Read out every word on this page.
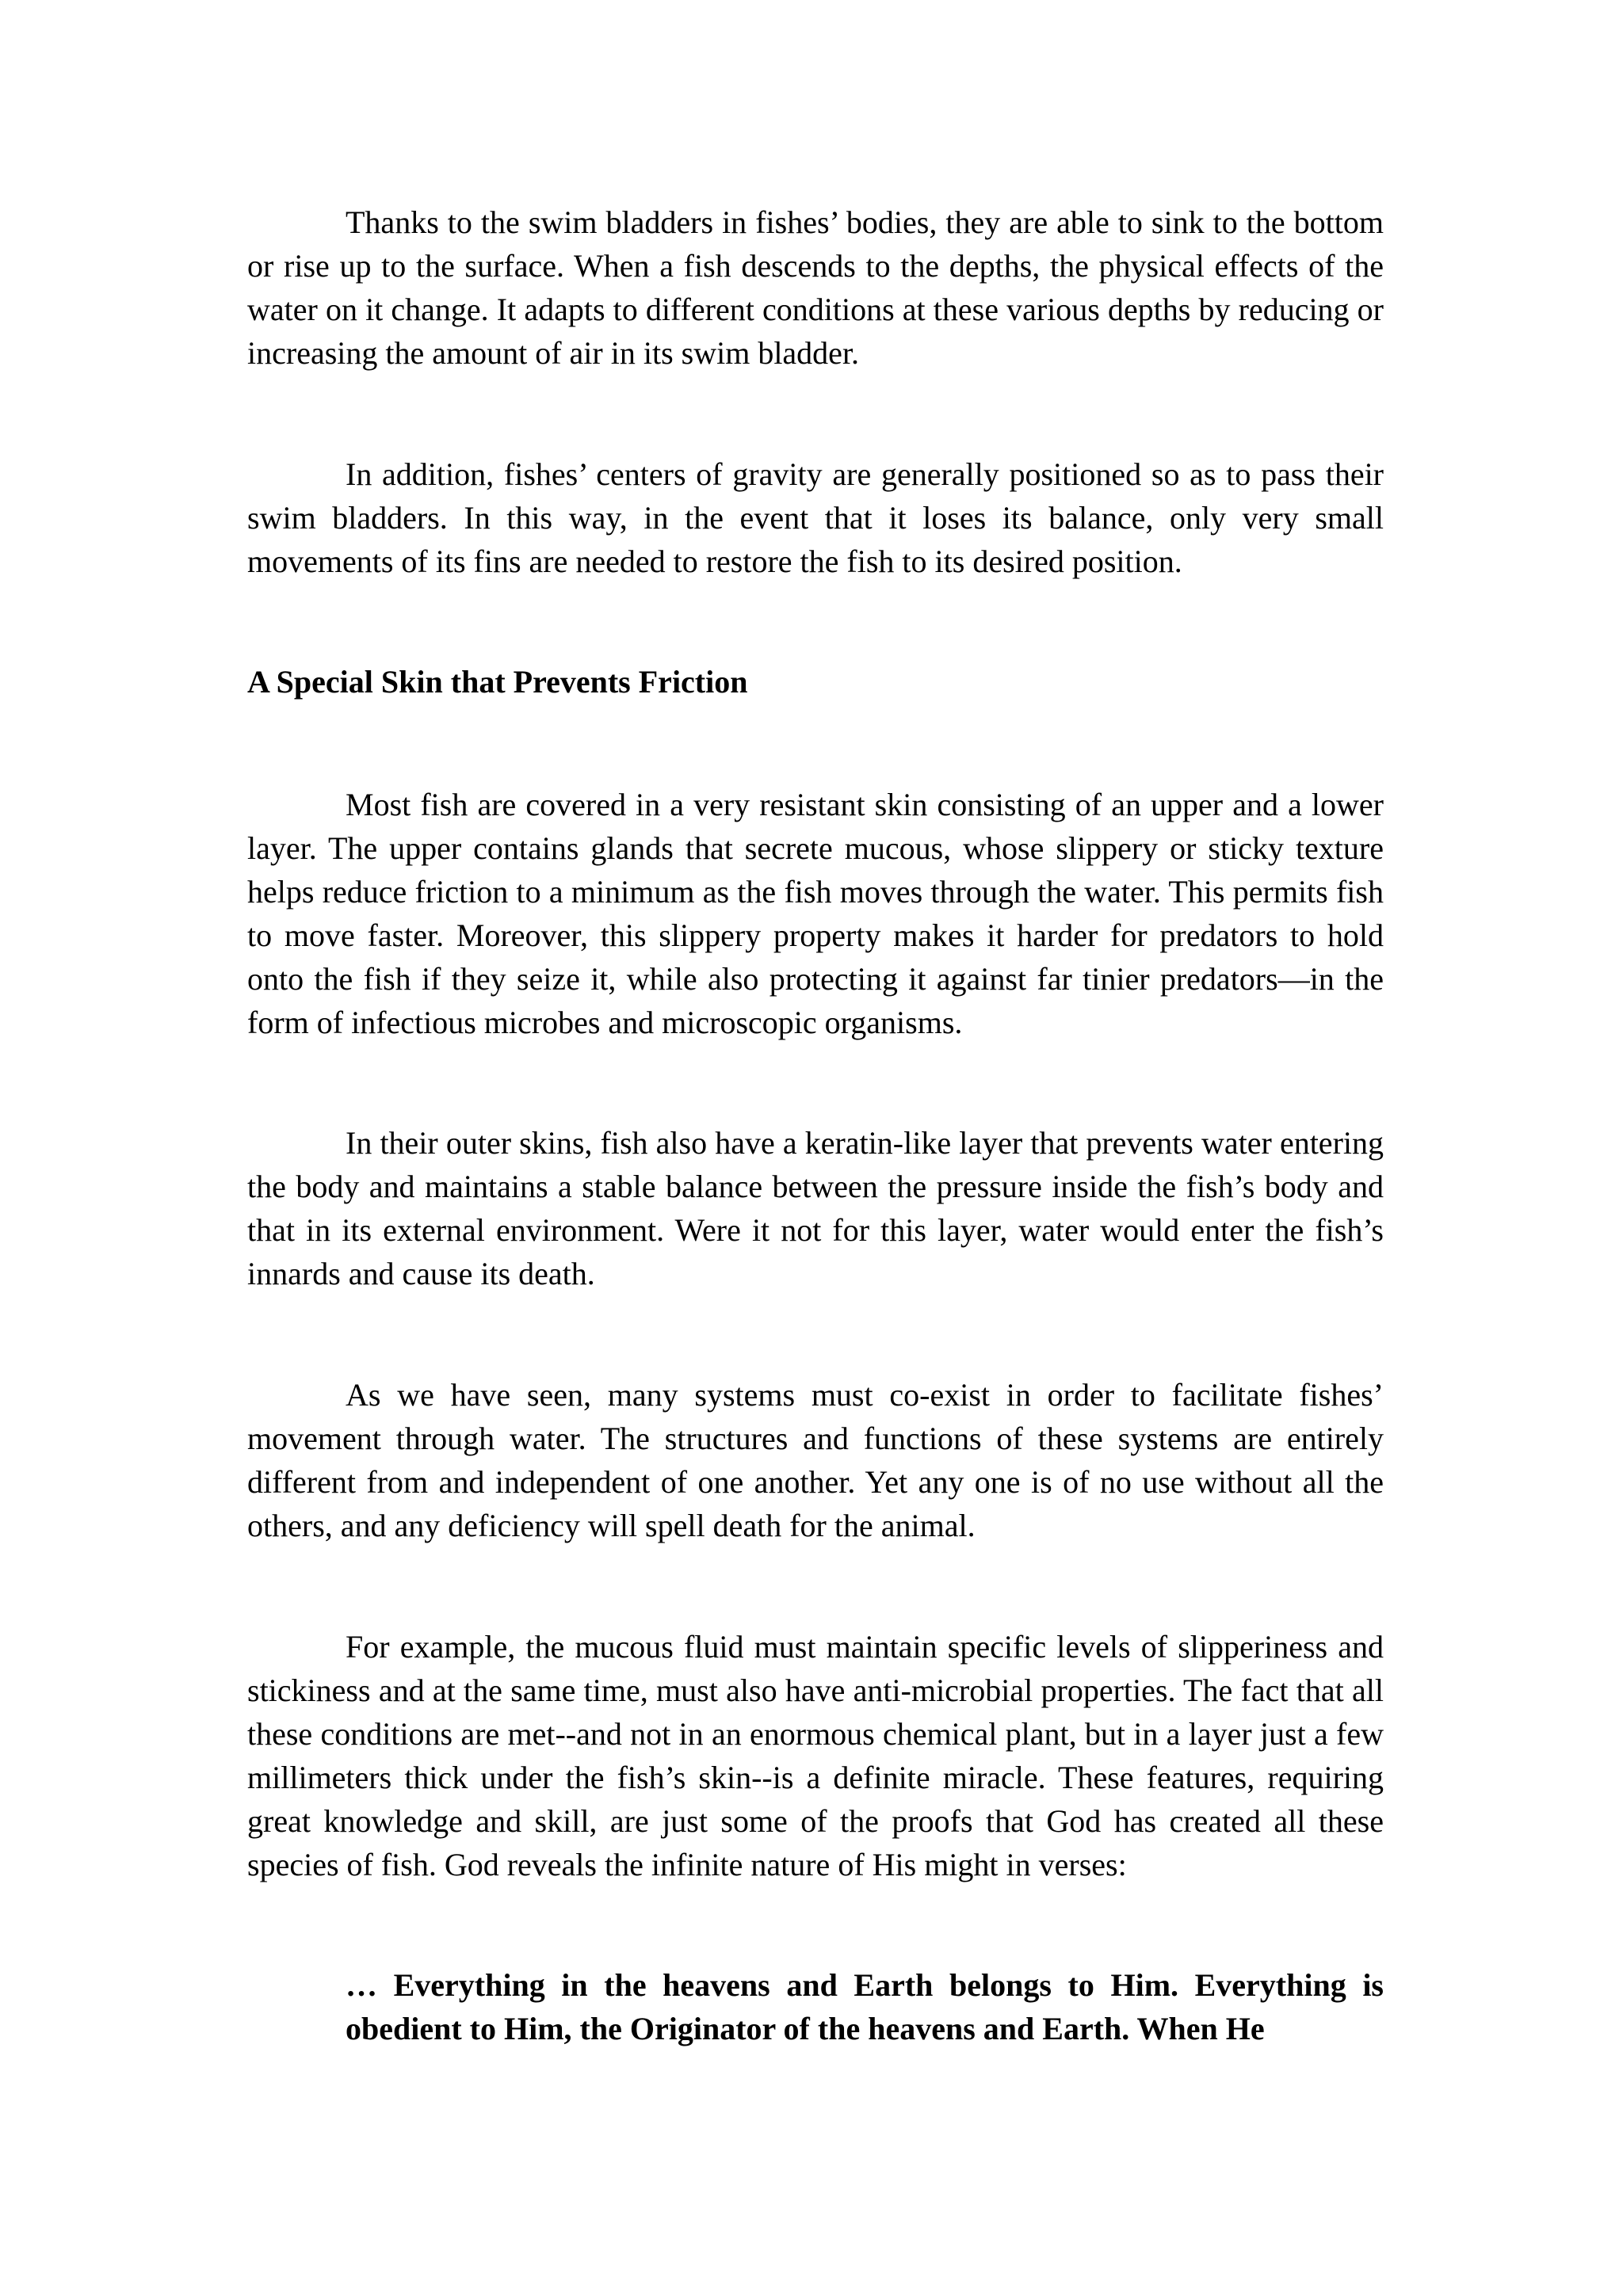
Thanks to the swim bladders in fishes’ bodies, they are able to sink to the bottom or rise up to the surface. When a fish descends to the depths, the physical effects of the water on it change. It adapts to different conditions at these various depths by reducing or increasing the amount of air in its swim bladder.

In addition, fishes’ centers of gravity are generally positioned so as to pass their swim bladders. In this way, in the event that it loses its balance, only very small movements of its fins are needed to restore the fish to its desired position.

A Special Skin that Prevents Friction

Most fish are covered in a very resistant skin consisting of an upper and a lower layer. The upper contains glands that secrete mucous, whose slippery or sticky texture helps reduce friction to a minimum as the fish moves through the water. This permits fish to move faster. Moreover, this slippery property makes it harder for predators to hold onto the fish if they seize it, while also protecting it against far tinier predators—in the form of infectious microbes and microscopic organisms.

In their outer skins, fish also have a keratin-like layer that prevents water entering the body and maintains a stable balance between the pressure inside the fish’s body and that in its external environment. Were it not for this layer, water would enter the fish’s innards and cause its death.

As we have seen, many systems must co-exist in order to facilitate fishes’ movement through water. The structures and functions of these systems are entirely different from and independent of one another. Yet any one is of no use without all the others, and any deficiency will spell death for the animal.

For example, the mucous fluid must maintain specific levels of slipperiness and stickiness and at the same time, must also have anti-microbial properties. The fact that all these conditions are met--and not in an enormous chemical plant, but in a layer just a few millimeters thick under the fish’s skin--is a definite miracle. These features, requiring great knowledge and skill, are just some of the proofs that God has created all these species of fish. God reveals the infinite nature of His might in verses:

… Everything in the heavens and Earth belongs to Him. Everything is obedient to Him, the Originator of the heavens and Earth. When He
